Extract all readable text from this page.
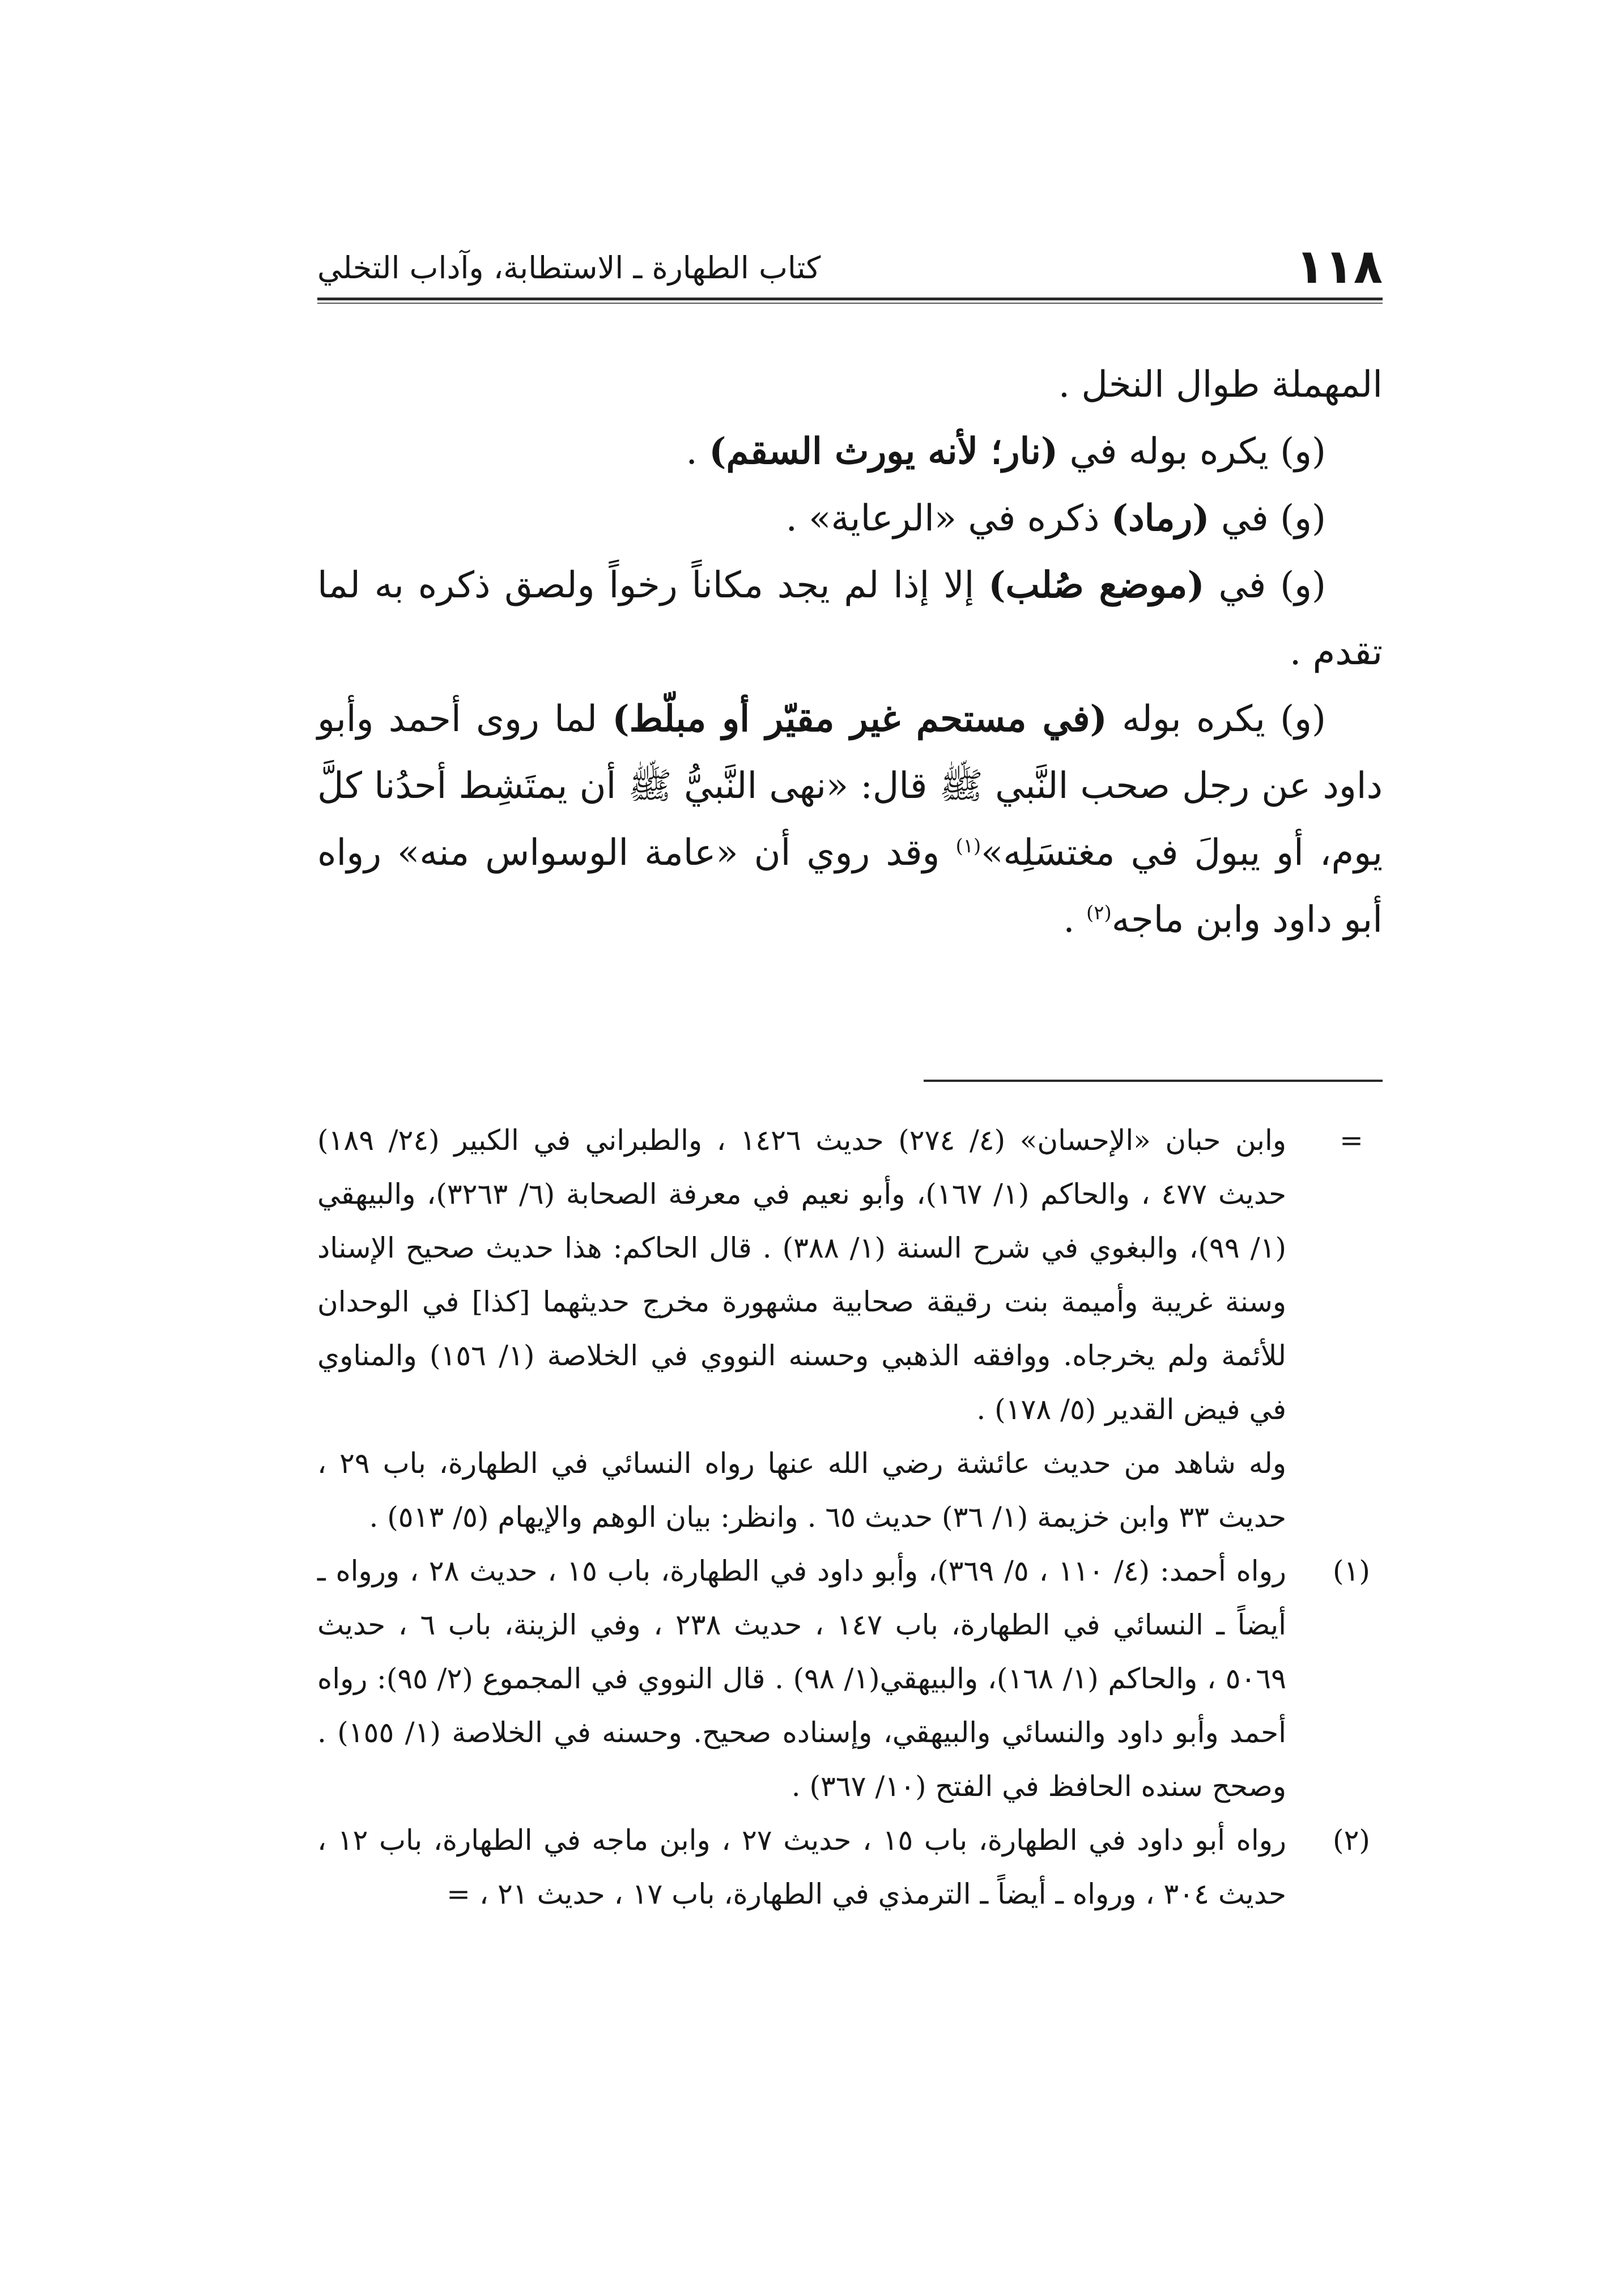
١١٨
كتاب الطهارة ـ الاستطابة، وآداب التخلي

المهملة طوال النخل .

(و) يكره بوله في (نار؛ لأنه يورث السقم) .

(و) في (رماد) ذكره في «الرعاية» .

(و) في (موضع صُلب) إلا إذا لم يجد مكاناً رخواً ولصق ذكره به لما تقدم .

(و) يكره بوله (في مستحم غير مقيّر أو مبلّط) لما روى أحمد وأبو داود عن رجل صحب النَّبي ﷺ قال: «نهى النَّبيُّ ﷺ أن يمتَشِط أحدُنا كلَّ يوم، أو يبولَ في مغتسَلِه»$^{(١)}$ وقد روي أن «عامة الوسواس منه» رواه أبو داود وابن ماجه$^{(٢)}$ .

=
وابن حبان «الإحسان» (٤/ ٢٧٤) حديث ١٤٢٦ ، والطبراني في الكبير (٢٤/ ١٨٩) حديث ٤٧٧ ، والحاكم (١/ ١٦٧)، وأبو نعيم في معرفة الصحابة (٦/ ٣٢٦٣)، والبيهقي (١/ ٩٩)، والبغوي في شرح السنة (١/ ٣٨٨) . قال الحاكم: هذا حديث صحيح الإسناد وسنة غريبة وأميمة بنت رقيقة صحابية مشهورة مخرج حديثهما [كذا] في الوحدان للأئمة ولم يخرجاه. ووافقه الذهبي وحسنه النووي في الخلاصة (١/ ١٥٦) والمناوي في فيض القدير (٥/ ١٧٨) .

وله شاهد من حديث عائشة رضي الله عنها رواه النسائي في الطهارة، باب ٢٩ ، حديث ٣٣ وابن خزيمة (١/ ٣٦) حديث ٦٥ . وانظر: بيان الوهم والإيهام (٥/ ٥١٣) .

(١)
رواه أحمد: (٤/ ١١٠ ، ٥/ ٣٦٩)، وأبو داود في الطهارة، باب ١٥ ، حديث ٢٨ ، ورواه ـ أيضاً ـ النسائي في الطهارة، باب ١٤٧ ، حديث ٢٣٨ ، وفي الزينة، باب ٦ ، حديث ٥٠٦٩ ، والحاكم (١/ ١٦٨)، والبيهقي(١/ ٩٨) . قال النووي في المجموع (٢/ ٩٥): رواه أحمد وأبو داود والنسائي والبيهقي، وإسناده صحيح. وحسنه في الخلاصة (١/ ١٥٥) . وصحح سنده الحافظ في الفتح (١٠/ ٣٦٧) .

(٢)
رواه أبو داود في الطهارة، باب ١٥ ، حديث ٢٧ ، وابن ماجه في الطهارة، باب ١٢ ، حديث ٣٠٤ ، ورواه ـ أيضاً ـ الترمذي في الطهارة، باب ١٧ ، حديث ٢١ ، =
